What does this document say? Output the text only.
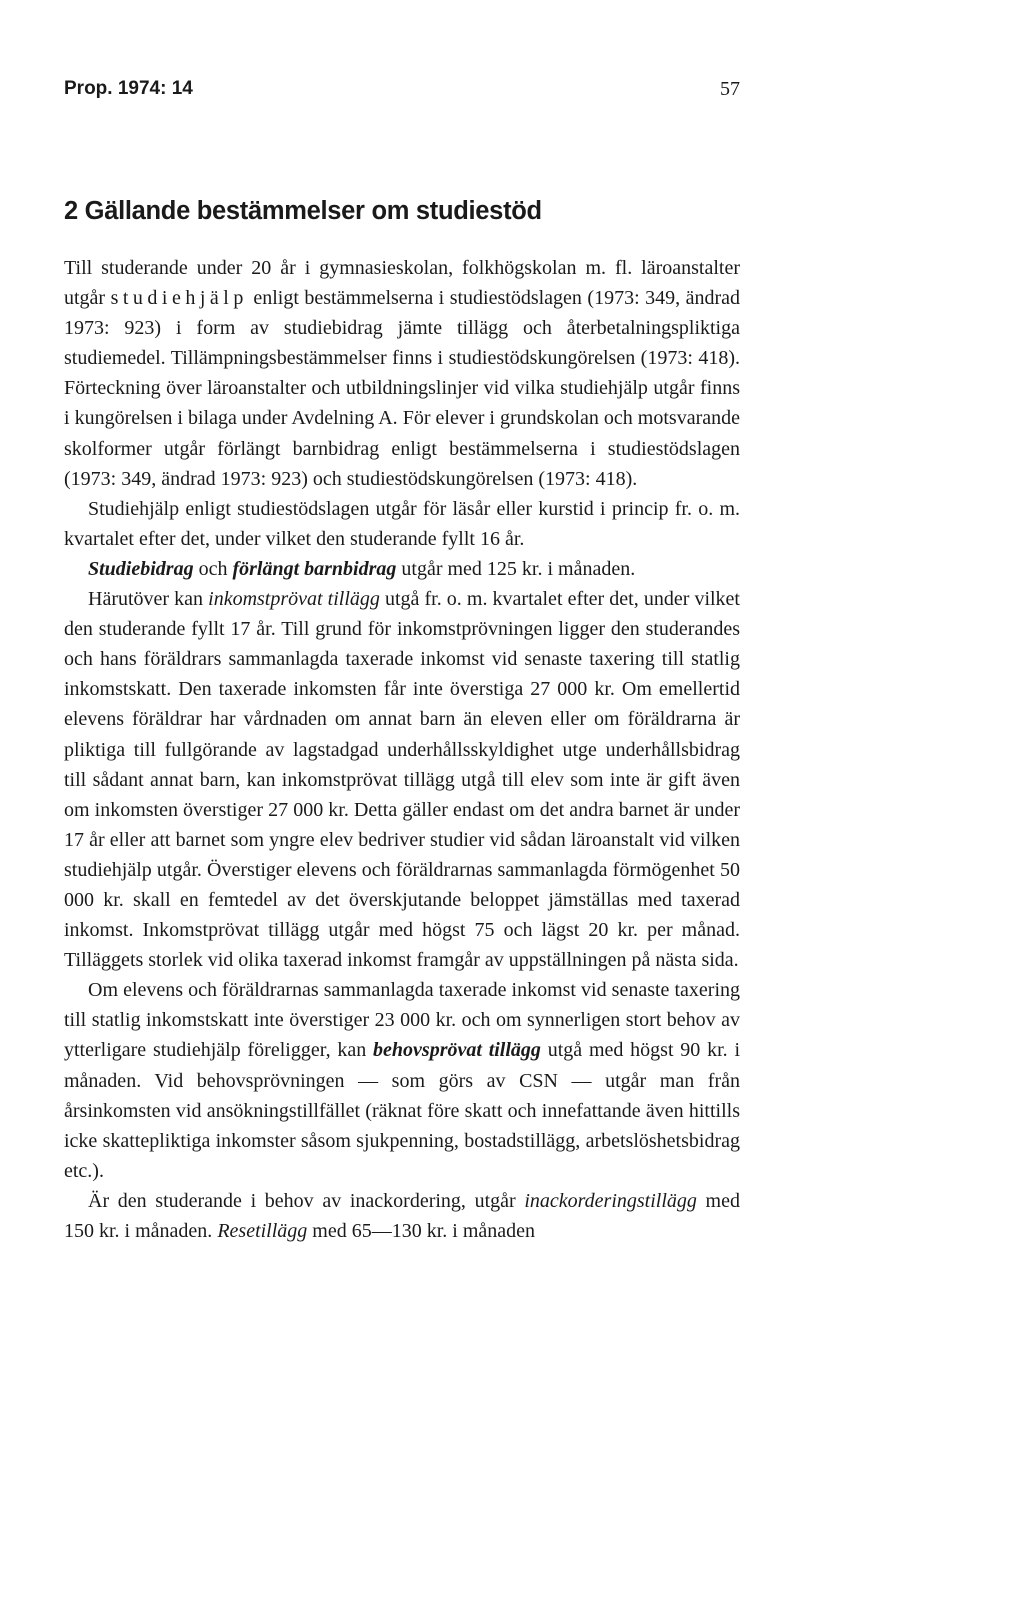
Prop. 1974: 14	57
2 Gällande bestämmelser om studiestöd

Till studerande under 20 år i gymnasieskolan, folkhögskolan m. fl. läroanstalter utgår studiehjälp enligt bestämmelserna i studiestödslagen (1973: 349, ändrad 1973: 923) i form av studiebidrag jämte tillägg och återbetalningspliktiga studiemedel. Tillämpningsbestämmelser finns i studiestödskungörelsen (1973: 418). Förteckning över läroanstalter och utbildningslinjer vid vilka studiehjälp utgår finns i kungörelsen i bilaga under Avdelning A. För elever i grundskolan och motsvarande skolformer utgår förlängt barnbidrag enligt bestämmelserna i studiestödslagen (1973: 349, ändrad 1973: 923) och studiestödskungörelsen (1973: 418).

Studiehjälp enligt studiestödslagen utgår för läsår eller kurstid i princip fr. o. m. kvartalet efter det, under vilket den studerande fyllt 16 år.

Studiebidrag och förlängt barnbidrag utgår med 125 kr. i månaden.

Härutöver kan inkomstprövat tillägg utgå fr. o. m. kvartalet efter det, under vilket den studerande fyllt 17 år. Till grund för inkomstprövningen ligger den studerandes och hans föräldrars sammanlagda taxerade inkomst vid senaste taxering till statlig inkomstskatt. Den taxerade inkomsten får inte överstiga 27 000 kr. Om emellertid elevens föräldrar har vårdnaden om annat barn än eleven eller om föräldrarna är pliktiga till fullgörande av lagstadgad underhållsskyldighet utge underhållsbidrag till sådant annat barn, kan inkomstprövat tillägg utgå till elev som inte är gift även om inkomsten överstiger 27 000 kr. Detta gäller endast om det andra barnet är under 17 år eller att barnet som yngre elev bedriver studier vid sådan läroanstalt vid vilken studiehjälp utgår. Överstiger elevens och föräldrarnas sammanlagda förmögenhet 50 000 kr. skall en femtedel av det överskjutande beloppet jämställas med taxerad inkomst. Inkomstprövat tillägg utgår med högst 75 och lägst 20 kr. per månad. Tilläggets storlek vid olika taxerad inkomst framgår av uppställningen på nästa sida.

Om elevens och föräldrarnas sammanlagda taxerade inkomst vid senaste taxering till statlig inkomstskatt inte överstiger 23 000 kr. och om synnerligen stort behov av ytterligare studiehjälp föreligger, kan behovsprövat tillägg utgå med högst 90 kr. i månaden. Vid behovsprövningen — som görs av CSN — utgår man från årsinkomsten vid ansökningstillfället (räknat före skatt och innefattande även hittills icke skattepliktiga inkomster såsom sjukpenning, bostadstillägg, arbetslöshetsbidrag etc.).

Är den studerande i behov av inackordering, utgår inackorderingstillägg med 150 kr. i månaden. Resetillägg med 65—130 kr. i månaden
